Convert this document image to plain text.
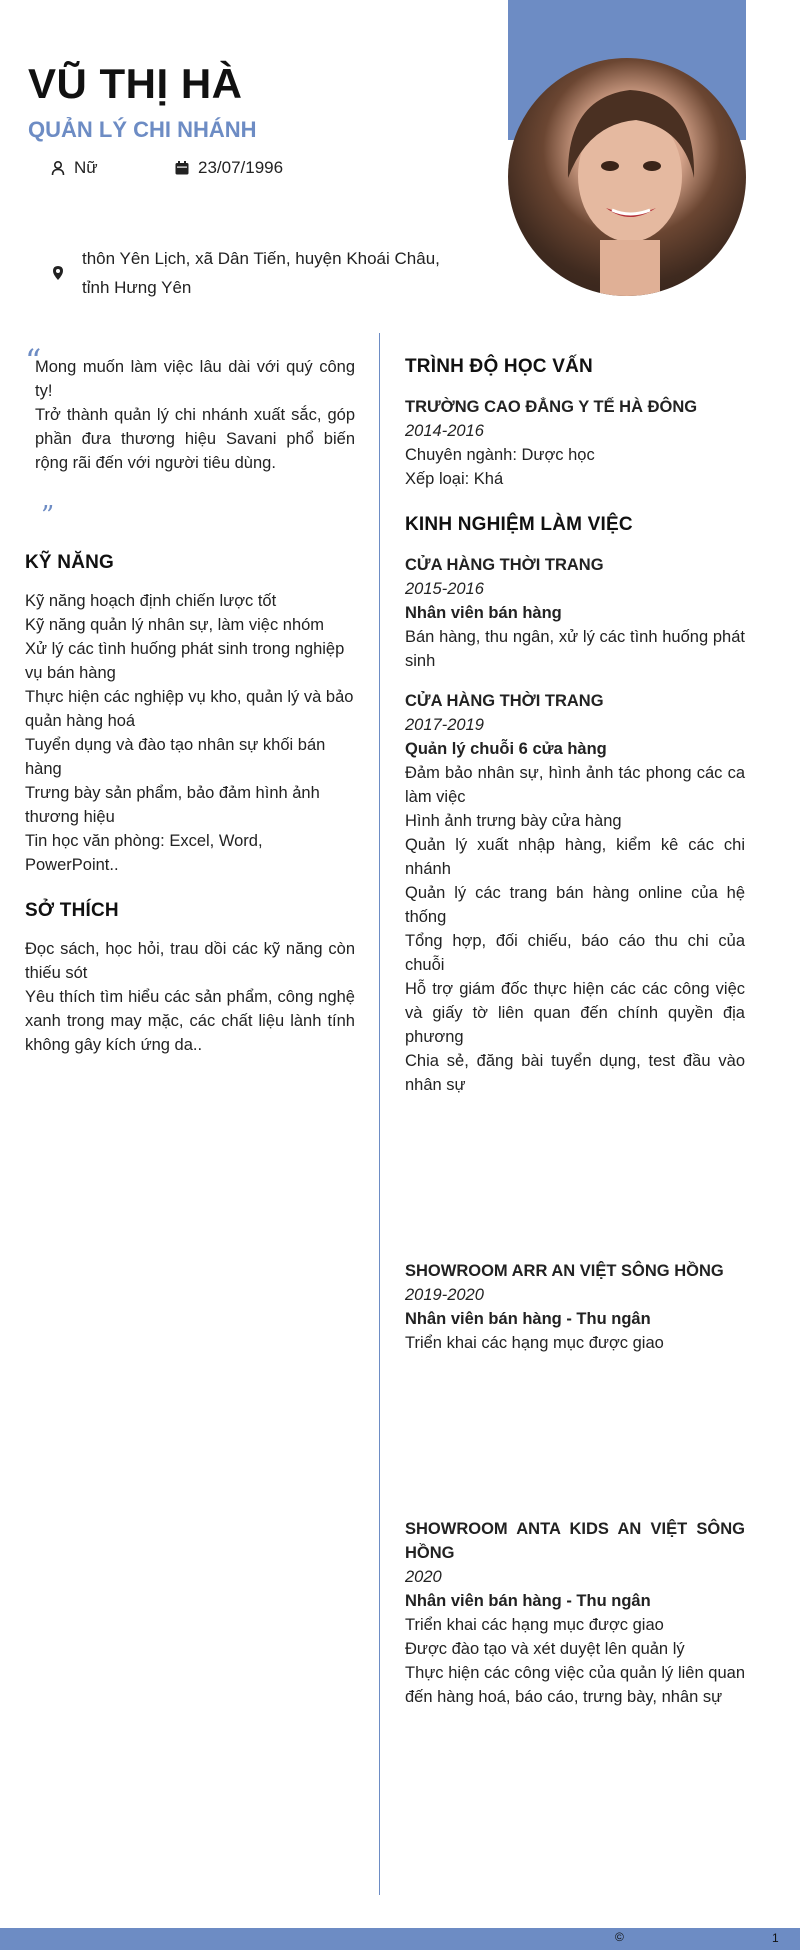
VŨ THỊ HÀ
QUẢN LÝ CHI NHÁNH
Nữ	23/07/1996
thôn Yên Lịch, xã Dân Tiến, huyện Khoái Châu,
tỉnh Hưng Yên
“

Mong muốn làm việc lâu dài với quý công ty!

Trở thành quản lý chi nhánh xuất sắc, góp phần đưa thương hiệu Savani phổ biến rộng rãi đến với người tiêu dùng.

”
KỸ NĂNG
Kỹ năng hoạch định chiến lược tốt
Kỹ năng quản lý nhân sự, làm việc nhóm
Xử lý các tình huống phát sinh trong nghiệp vụ bán hàng
Thực hiện các nghiệp vụ kho, quản lý và bảo quản hàng hoá
Tuyển dụng và đào tạo nhân sự khối bán hàng
Trưng bày sản phẩm, bảo đảm hình ảnh thương hiệu
Tin học văn phòng: Excel, Word, PowerPoint..
SỞ THÍCH
Đọc sách, học hỏi, trau dồi các kỹ năng còn thiếu sót
Yêu thích tìm hiểu các sản phẩm, công nghệ xanh trong may mặc, các chất liệu lành tính không gây kích ứng da..
TRÌNH ĐỘ HỌC VẤN

TRƯỜNG CAO ĐẲNG Y TẾ HÀ ĐÔNG

2014-2016

Chuyên ngành: Dược học

Xếp loại: Khá

KINH NGHIỆM LÀM VIỆC

CỬA HÀNG THỜI TRANG

2015-2016

Nhân viên bán hàng

Bán hàng, thu ngân, xử lý các tình huống phát sinh

CỬA HÀNG THỜI TRANG

2017-2019

Quản lý chuỗi 6 cửa hàng

Đảm bảo nhân sự, hình ảnh tác phong các ca làm việc

Hình ảnh trưng bày cửa hàng

Quản lý xuất nhập hàng, kiểm kê các chi nhánh

Quản lý các trang bán hàng online của hệ thống

Tổng hợp, đối chiếu, báo cáo thu chi của chuỗi

Hỗ trợ giám đốc thực hiện các các công việc và giấy tờ liên quan đến chính quyền địa phương

Chia sẻ, đăng bài tuyển dụng, test đầu vào nhân sự

SHOWROOM ARR AN VIỆT SÔNG HỒNG

2019-2020

Nhân viên bán hàng - Thu ngân

Triển khai các hạng mục được giao

SHOWROOM ANTA KIDS AN VIỆT SÔNG HỒNG

2020

Nhân viên bán hàng - Thu ngân

Triển khai các hạng mục được giao

Được đào tạo và xét duyệt lên quản lý

Thực hiện các công việc của quản lý liên quan đến hàng hoá, báo cáo, trưng bày, nhân sự

©	1
